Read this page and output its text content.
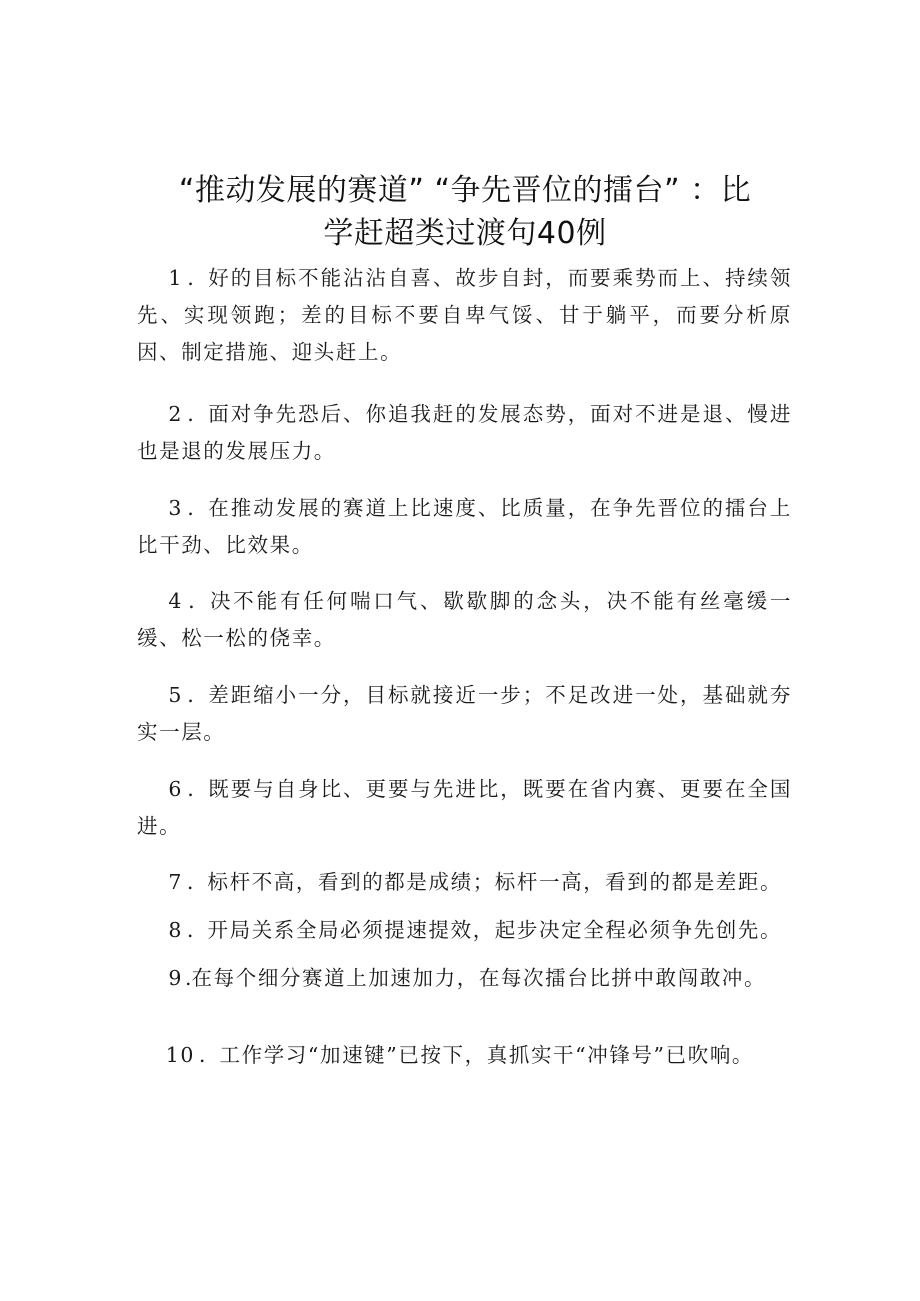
“推动发展的赛道” “争先晋位的擂台” ：比
学赶超类过渡句40例

1 ．好的目标不能沾沾自喜、故步自封，而要乘势而上、持续领先、实现领跑；差的目标不要自卑气馁、甘于躺平，而要分析原因、制定措施、迎头赶上。

2 ．面对争先恐后、你追我赶的发展态势，面对不进是退、慢进也是退的发展压力。

3 ．在推动发展的赛道上比速度、比质量，在争先晋位的擂台上比干劲、比效果。

4 ．决不能有任何喘口气、歇歇脚的念头，决不能有丝毫缓一缓、松一松的侥幸。

5 ．差距缩小一分，目标就接近一步；不足改进一处，基础就夯实一层。

6 ．既要与自身比、更要与先进比，既要在省内赛、更要在全国进。

7 ．标杆不高，看到的都是成绩；标杆一高，看到的都是差距。

8 ．开局关系全局必须提速提效，起步决定全程必须争先创先。

9.在每个细分赛道上加速加力，在每次擂台比拼中敢闯敢冲。

10 ．工作学习“加速键”已按下，真抓实干“冲锋号”已吹响。
